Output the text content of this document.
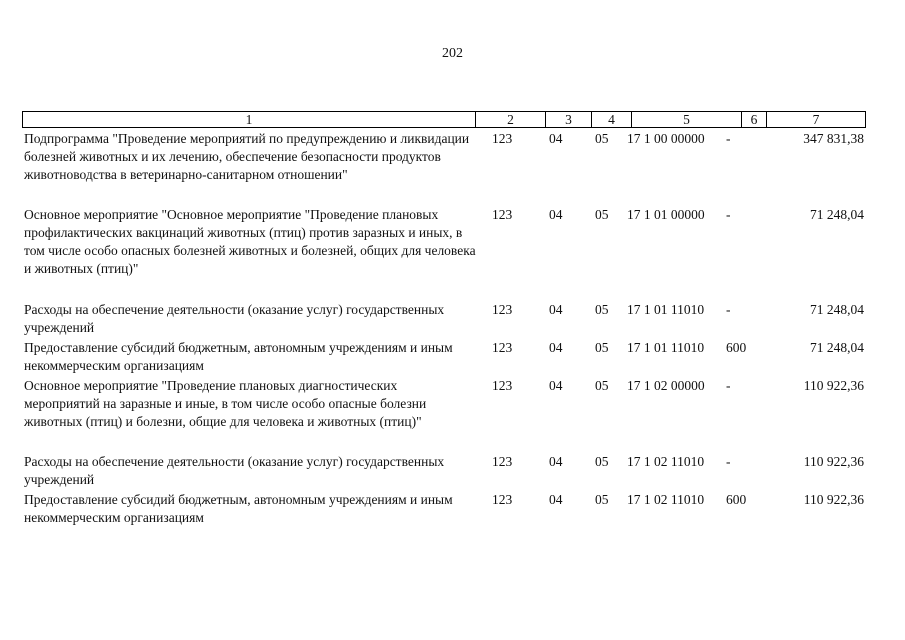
202
1	2	3	4	5	6	7
Подпрограмма "Проведение мероприятий по предупреждению и ликвидации болезней животных и их лечению, обеспечение безопасности продуктов животноводства в ветеринарно-санитарном отношении"
123	04	05	17 1 00 00000	-	347 831,38
Основное мероприятие "Основное мероприятие "Проведение плановых профилактических вакцинаций животных (птиц) против заразных и иных, в том числе особо опасных болезней животных и болезней, общих для человека и животных (птиц)"
123	04	05	17 1 01 00000	-	71 248,04
Расходы на обеспечение деятельности (оказание услуг) государственных учреждений
123	04	05	17 1 01 11010	-	71 248,04
Предоставление субсидий бюджетным, автономным учреждениям и иным некоммерческим организациям
123	04	05	17 1 01 11010	600	71 248,04
Основное мероприятие "Проведение плановых диагностических мероприятий на заразные и иные, в том числе особо опасные болезни животных (птиц) и болезни, общие для человека и животных (птиц)"
123	04	05	17 1 02 00000	-	110 922,36
Расходы на обеспечение деятельности (оказание услуг) государственных учреждений
123	04	05	17 1 02 11010	-	110 922,36
Предоставление субсидий бюджетным, автономным учреждениям и иным некоммерческим организациям
123	04	05	17 1 02 11010	600	110 922,36
